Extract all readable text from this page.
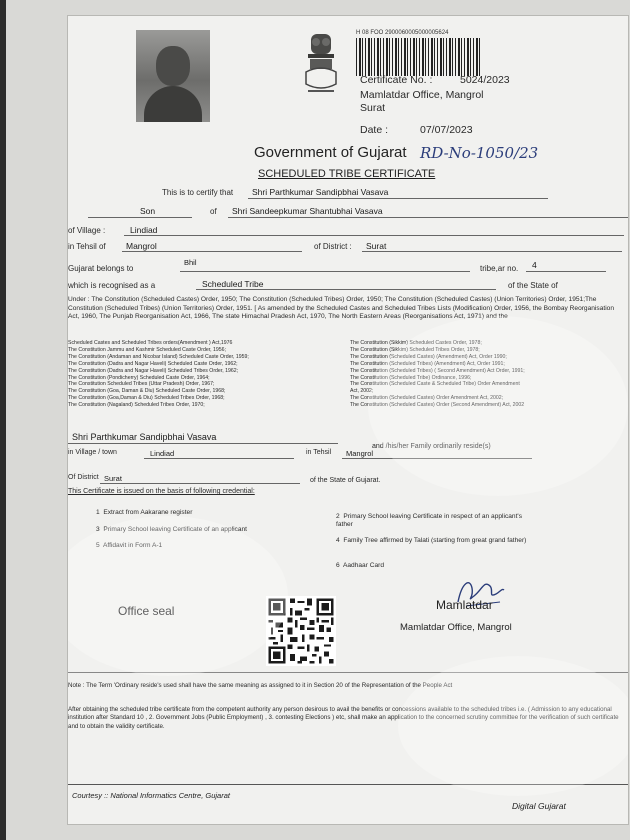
H 08 FOO 2900060005000005624
Certificate No. :	5024/2023
Mamlatdar Office, Mangrol
Surat
Date :	07/07/2023
Government of Gujarat RD-No-1050/23
SCHEDULED TRIBE CERTIFICATE
This is to certify that Shri Parthkumar Sandipbhai Vasava
Son	of Shri Sandeepkumar Shantubhai Vasava
of Village :	Lindiad
in Tehsil of Mangrol	of District : Surat
Gujarat belongs to
Bhil
tribe,ar no. 4
which is recognised as a	Scheduled Tribe	of the State of
Under : The Constitution (Scheduled Castes) Order, 1950; The Constitution (Scheduled Tribes) Order, 1950; The Constitution (Scheduled Castes) (Union Territories) Order, 1951;The Constitution (Scheduled Tribes) (Union Territories) Order, 1951. [ As amended by the Scheduled Castes and Scheduled Tribes Lists (Modification) Order, 1956, the Bombay Reorganisation Act, 1960, The Punjab Reorganisation Act, 1966, The state Himachal Pradesh Act, 1970, The North Eastern Areas (Reorganisations Act, 1971) and the
Scheduled Castes and Scheduled Tribes orders(Amendment ) Act,1976
The Constitution Jammu and Kashmir Scheduled Caste Order, 1956;
The Constitution (Andaman and Nicobar Island) Scheduled Caste Order, 1959;
The Constitution (Dadra and Nagar Haveli) Scheduled Caste Order, 1962;
The Constitution (Dadra and Nagar Haveli) Scheduled Tribes Order, 1962;
The Constitution (Pondicherry) Scheduled Caste Order, 1964;
The Constitution Scheduled Tribes (Uttar Pradesh) Order, 1967;
The Constitution (Goa, Daman & Diu) Scheduled Caste Order, 1968;
The Constitution (Goa,Daman & Diu) Scheduled Tribes Order, 1968;
The Constitution (Nagaland) Scheduled Tribes Order, 1970;
The Constitution (Sikkim) Scheduled Castes Order, 1978;
The Constitution (Sikkim) Scheduled Tribes Order, 1978;
The Constitution (Scheduled Castes) (Amendment) Act, Order 1990;
The Constitution (Scheduled Tribes) (Amendment) Act, Order 1991;
The Constitution (Scheduled Tribes) ( Second Amendment) Act Order, 1991;
The Constitution (Scheduled Tribe) Ordinance, 1996;
The Constitution (Scheduled Caste & Scheduled Tribe) Order Amendment
Act, 2002;
The Constitution (Scheduled Castes) Order Amendment Act, 2002;
The Constitution (Scheduled Castes) Order (Second Amendment) Act, 2002
Shri Parthkumar Sandipbhai Vasava
and /his/her Family ordinarily reside(s)
in Village / town	Lindiad	in Tehsil Mangrol
Of District Surat	of the State of Gujarat.
This Certificate is issued on the basis of following credential:
1 Extract from Aakarane register
3 Primary School leaving Certificate of an applicant
5 Affidavit in Form A-1
2 Primary School leaving Certificate in respect of an applicant's father
4 Family Tree affirmed by Talati (starting from great grand father)
6 Aadhaar Card
Office seal	Mamlatdar
Mamlatdar Office, Mangrol
Note : The Term 'Ordinary reside's used shall have the same meaning as assigned to it in Section 20 of the Representation of the People Act
After obtaining the scheduled tribe certificate from the competent authority any person desirous to avail the benefits or concessions available to the scheduled tribes i.e. ( Admission to any educational institution after Standard 10 , 2. Government Jobs (Public Employment) , 3. contesting Elections ) etc, shall make an application to the concerned scrutiny committee for the verification of such certificate and to obtain the validity certificate.
Courtesy :: National Informatics Centre, Gujarat
Digital Gujarat
